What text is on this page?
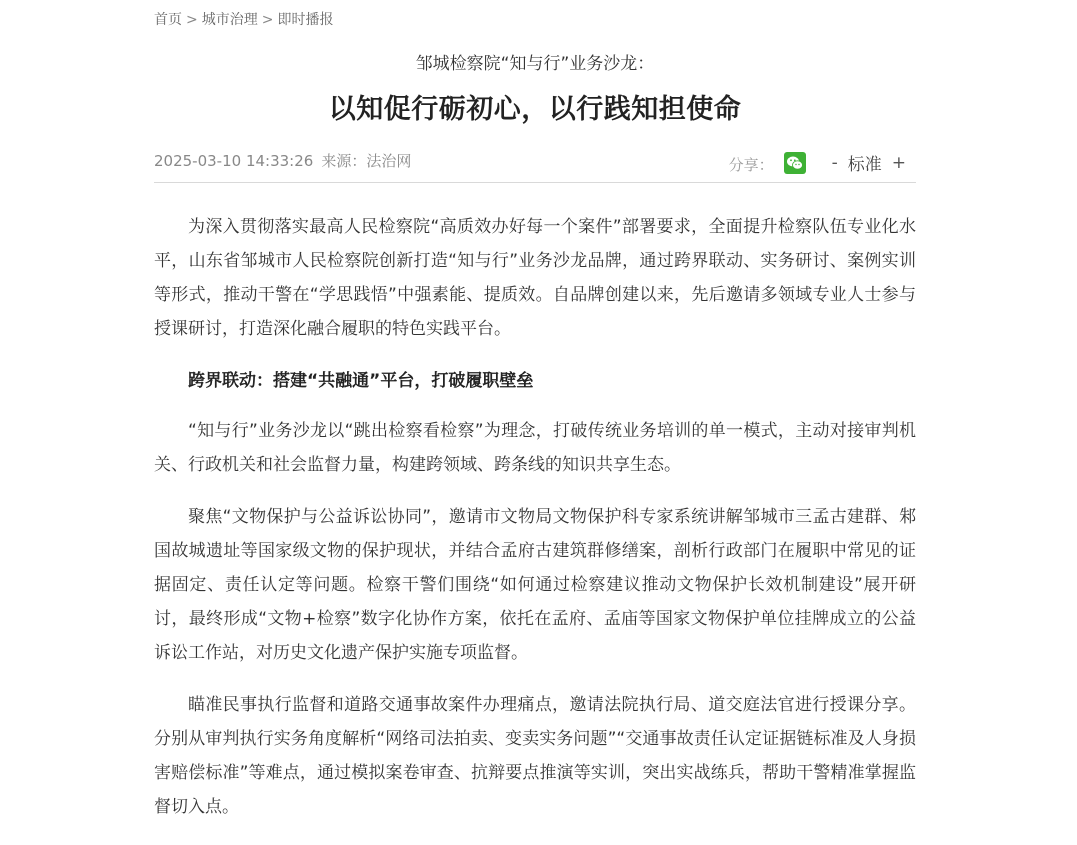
首页 > 城市治理 > 即时播报
邹城检察院“知与行”业务沙龙：
以知促行砺初心，以行践知担使命
2025-03-10 14:33:26 来源：法治网	分享：	- 标准 +

为深入贯彻落实最高人民检察院“高质效办好每一个案件”部署要求，全面提升检察队伍专业化水平，山东省邹城市人民检察院创新打造“知与行”业务沙龙品牌，通过跨界联动、实务研讨、案例实训等形式，推动干警在“学思践悟”中强素能、提质效。自品牌创建以来，先后邀请多领域专业人士参与授课研讨，打造深化融合履职的特色实践平台。

跨界联动：搭建“共融通”平台，打破履职壁垒

“知与行”业务沙龙以“跳出检察看检察”为理念，打破传统业务培训的单一模式，主动对接审判机关、行政机关和社会监督力量，构建跨领域、跨条线的知识共享生态。

聚焦“文物保护与公益诉讼协同”，邀请市文物局文物保护科专家系统讲解邹城市三孟古建群、邾国故城遗址等国家级文物的保护现状，并结合孟府古建筑群修缮案，剖析行政部门在履职中常见的证据固定、责任认定等问题。检察干警们围绕“如何通过检察建议推动文物保护长效机制建设”展开研讨，最终形成“文物+检察”数字化协作方案，依托在孟府、孟庙等国家文物保护单位挂牌成立的公益诉讼工作站，对历史文化遗产保护实施专项监督。

瞄准民事执行监督和道路交通事故案件办理痛点，邀请法院执行局、道交庭法官进行授课分享。分别从审判执行实务角度解析“网络司法拍卖、变卖实务问题”“交通事故责任认定证据链标准及人身损害赔偿标准”等难点，通过模拟案卷审查、抗辩要点推演等实训，突出实战练兵，帮助干警精准掌握监督切入点。
